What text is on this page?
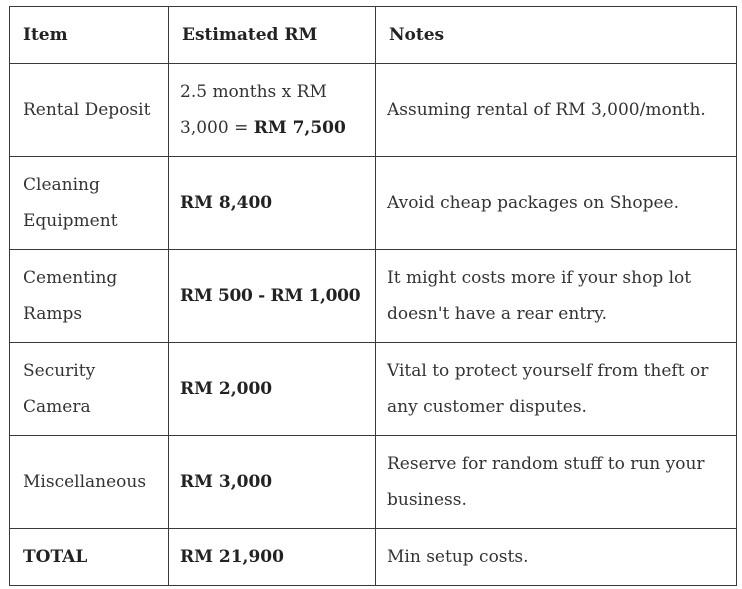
Item	Estimated RM	Notes
Rental Deposit	2.5 months x RM 3,000 = RM 7,500	Assuming rental of RM 3,000/month.
Cleaning Equipment	RM 8,400	Avoid cheap packages on Shopee.
Cementing Ramps	RM 500 - RM 1,000	It might costs more if your shop lot doesn't have a rear entry.
Security Camera	RM 2,000	Vital to protect yourself from theft or any customer disputes.
Miscellaneous	RM 3,000	Reserve for random stuff to run your business.
TOTAL	RM 21,900	Min setup costs.
